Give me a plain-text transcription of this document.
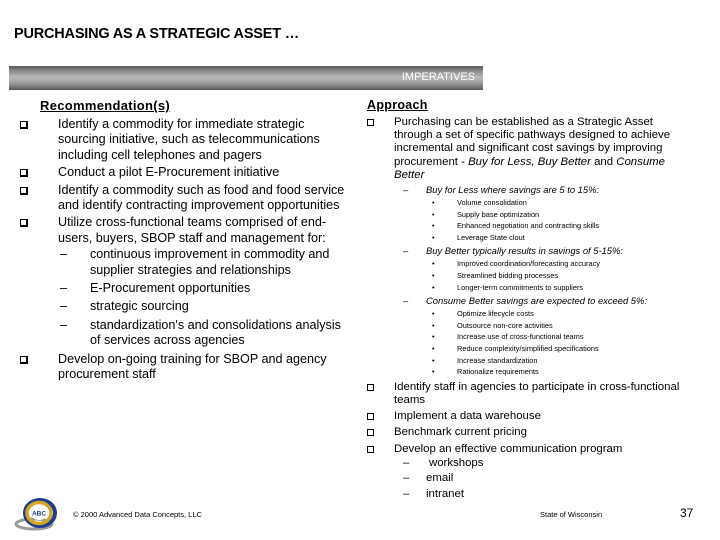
PURCHASING AS A STRATEGIC ASSET …
IMPERATIVES
Recommendation(s)
Identify a commodity for immediate strategic sourcing initiative, such as telecommunications including cell telephones and pagers
Conduct a pilot E-Procurement initiative
Identify a commodity such as food and food service and identify contracting improvement opportunities
Utilize cross-functional teams comprised of end-users, buyers, SBOP staff and management for:
– continuous improvement in commodity and supplier strategies and relationships
– E-Procurement opportunities
– strategic sourcing
– standardization's and consolidations analysis of services across agencies
Develop on-going training for SBOP and agency procurement staff
Approach
Purchasing can be established as a Strategic Asset through a set of specific pathways designed to achieve incremental and significant cost savings by improving procurement - Buy for Less, Buy Better and Consume Better
– Buy for Less where savings are 5 to 15%:
•	Volume consolidation
•	Supply base optimization
•	Enhanced negotiation and contracting skills
•	Leverage State clout
– Buy Better typically results in savings of 5-15%:
•	Improved coordination/forecasting accuracy
•	Streamlined bidding processes
•	Longer-term commitments to suppliers
– Consume Better savings are expected to exceed 5%:
•	Optimize lifecycle costs
•	Outsource non-core activities
•	Increase use of cross-functional teams
•	Reduce complexity/simplified specifications
•	Increase standardization
•	Rationalize requirements
Identify staff in agencies to participate in cross-functional teams
Implement a data warehouse
Benchmark current pricing
Develop an effective communication program
– workshops
– email
– intranet
ABC	© 2000 Advanced Data Concepts, LLC	State of Wisconsin	37
